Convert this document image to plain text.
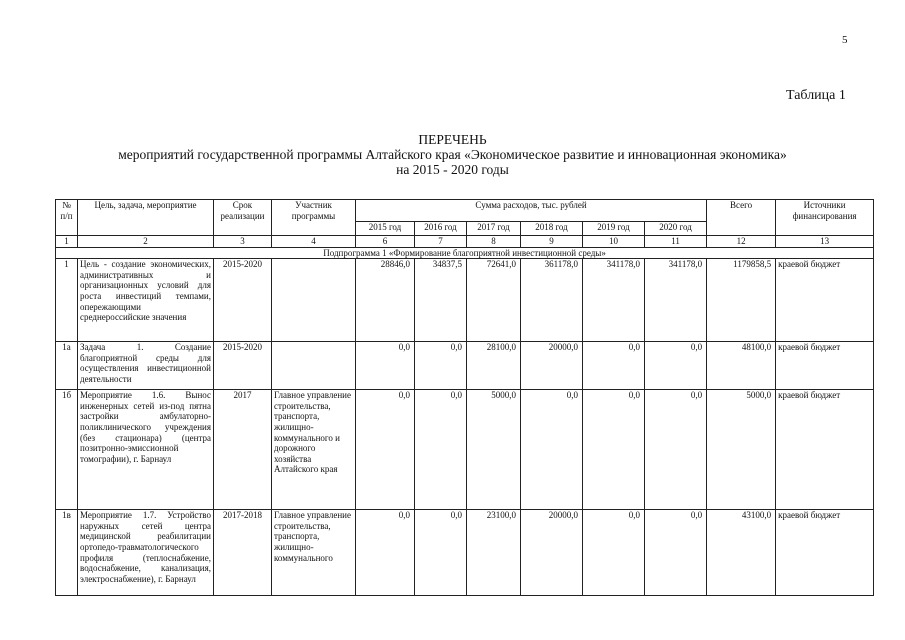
5
Таблица 1
ПЕРЕЧЕНЬ
мероприятий государственной программы Алтайского края «Экономическое развитие и инновационная экономика»
на 2015 - 2020 годы
№ п/п	Цель, задача, мероприятие	Срок реализации	Участник программы	Сумма расходов, тыс. рублей						Всего	Источники финансирования
				2015 год	2016 год	2017 год	2018 год	2019 год	2020 год		
1	2	3	4	6	7	8	9	10	11	12	13
Подпрограмма 1 «Формирование благоприятной инвестиционной среды»											
1	Цель - создание экономических, административных и организационных условий для роста инвестиций темпами, опережающими среднероссийские значения	2015-2020		28846,0	34837,5	72641,0	361178,0	341178,0	341178,0	1179858,5	краевой бюджет
1а	Задача 1. Создание благоприятной среды для осуществления инвестиционной деятельности	2015-2020		0,0	0,0	28100,0	20000,0	0,0	0,0	48100,0	краевой бюджет
1б	Мероприятие 1.6. Вынос инженерных сетей из-под пятна застройки амбулаторно-поликлинического учреждения (без стационара) (центра позитронно-эмиссионной томографии), г. Барнаул	2017	Главное управление строительства, транспорта, жилищно-коммунального и дорожного хозяйства Алтайского края	0,0	0,0	5000,0	0,0	0,0	0,0	5000,0	краевой бюджет
1в	Мероприятие 1.7. Устройство наружных сетей центра медицинской реабилитации ортопедо-травматологического профиля (теплоснабжение, водоснабжение, канализация, электроснабжение), г. Барнаул	2017-2018	Главное управление строительства, транспорта, жилищно-коммунального	0,0	0,0	23100,0	20000,0	0,0	0,0	43100,0	краевой бюджет
